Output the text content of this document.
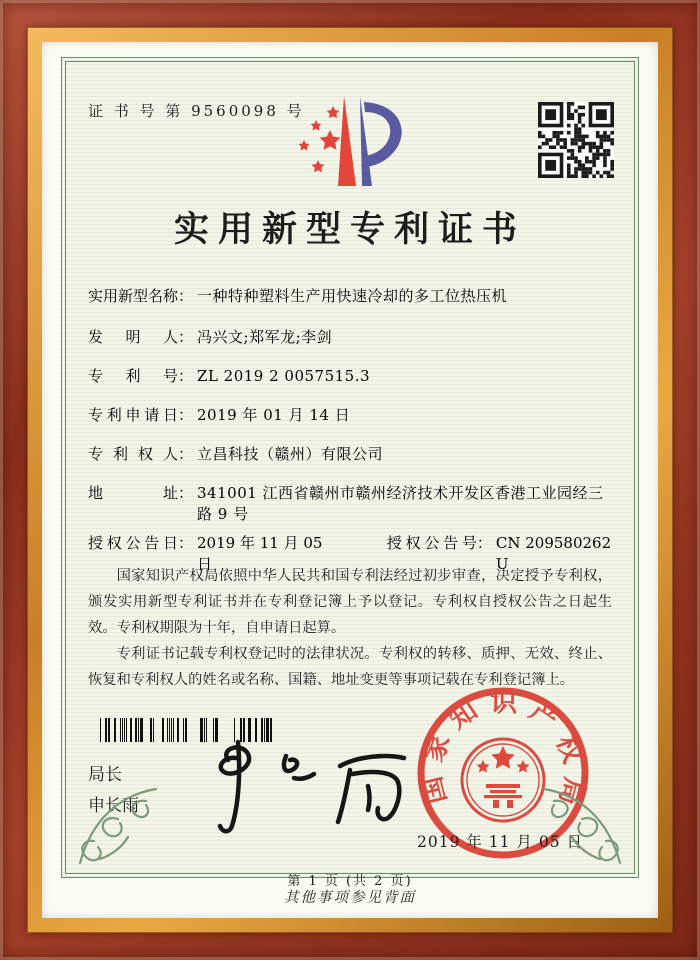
证 书 号 第 9560098 号
实用新型专利证书
实用新型名称 ： 一种特种塑料生产用快速冷却的多工位热压机
发明人 ： 冯兴文;郑军龙;李剑
专利号 ： ZL 2019 2 0057515.3
专利申请日 ： 2019 年 01 月 14 日
专利权人 ： 立昌科技（赣州）有限公司
地址 ： 341001 江西省赣州市赣州经济技术开发区香港工业园经三路 9 号
授权公告日 ： 2019 年 11 月 05 日
授权公告号 ： CN 209580262 U

国家知识产权局依照中华人民共和国专利法经过初步审查，决定授予专利权，颁发实用新型专利证书并在专利登记簿上予以登记。专利权自授权公告之日起生效。专利权期限为十年，自申请日起算。

专利证书记载专利权登记时的法律状况。专利权的转移、质押、无效、终止、恢复和专利权人的姓名或名称、国籍、地址变更等事项记载在专利登记簿上。

局长
申长雨	国家知识产权局
2019 年 11 月 05 日
第 1 页 (共 2 页)
其他事项参见背面
